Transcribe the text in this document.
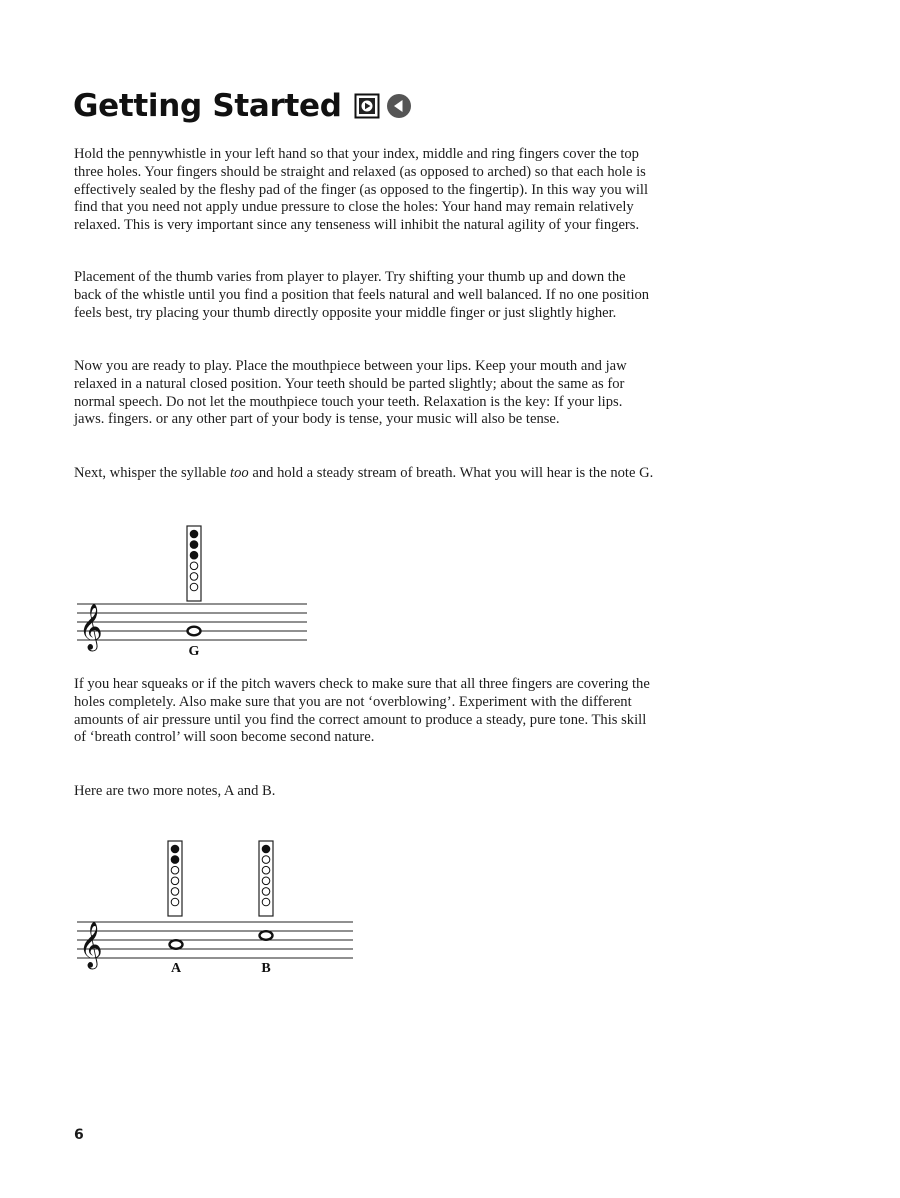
Getting Started

Hold the pennywhistle in your left hand so that your index, middle and ring fingers cover the top three holes. Your fingers should be straight and relaxed (as opposed to arched) so that each hole is effectively sealed by the fleshy pad of the finger (as opposed to the fingertip). In this way you will find that you need not apply undue pressure to close the holes: Your hand may remain relatively relaxed. This is very important since any tenseness will inhibit the natural agility of your fingers.

Placement of the thumb varies from player to player. Try shifting your thumb up and down the back of the whistle until you find a position that feels natural and well balanced. If no one position feels best, try placing your thumb directly opposite your middle finger or just slightly higher.

Now you are ready to play. Place the mouthpiece between your lips. Keep your mouth and jaw relaxed in a natural closed position. Your teeth should be parted slightly; about the same as for normal speech. Do not let the mouthpiece touch your teeth. Relaxation is the key: If your lips. jaws. fingers. or any other part of your body is tense, your music will also be tense.

Next, whisper the syllable too and hold a steady stream of breath. What you will hear is the note G.

𝄞
G

If you hear squeaks or if the pitch wavers check to make sure that all three fingers are covering the holes completely. Also make sure that you are not ‘overblowing’. Experiment with the different amounts of air pressure until you find the correct amount to produce a steady, pure tone. This skill of ‘breath control’ will soon become second nature.

Here are two more notes, A and B.

𝄞
A	B

6
